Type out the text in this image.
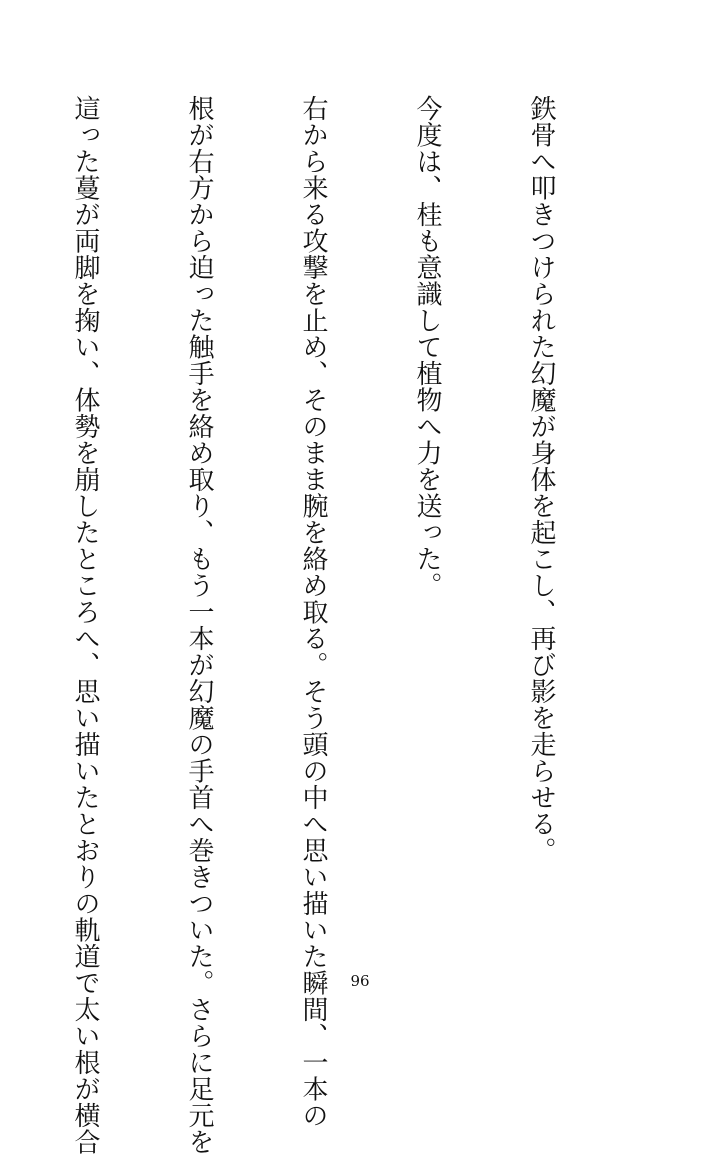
鉄骨へ叩きつけられた幻魔が身体を起こし、再び影を走らせる。

今度は、桂も意識して植物へ力を送った。

右から来る攻撃を止め、そのまま腕を絡め取る。そう頭の中へ思い描いた瞬間、一本の

根が右方から迫った触手を絡め取り、もう一本が幻魔の手首へ巻きついた。さらに足元を

這った蔓が両脚を掬い、体勢を崩したところへ、思い描いたとおりの軌道で太い根が横合

	96
